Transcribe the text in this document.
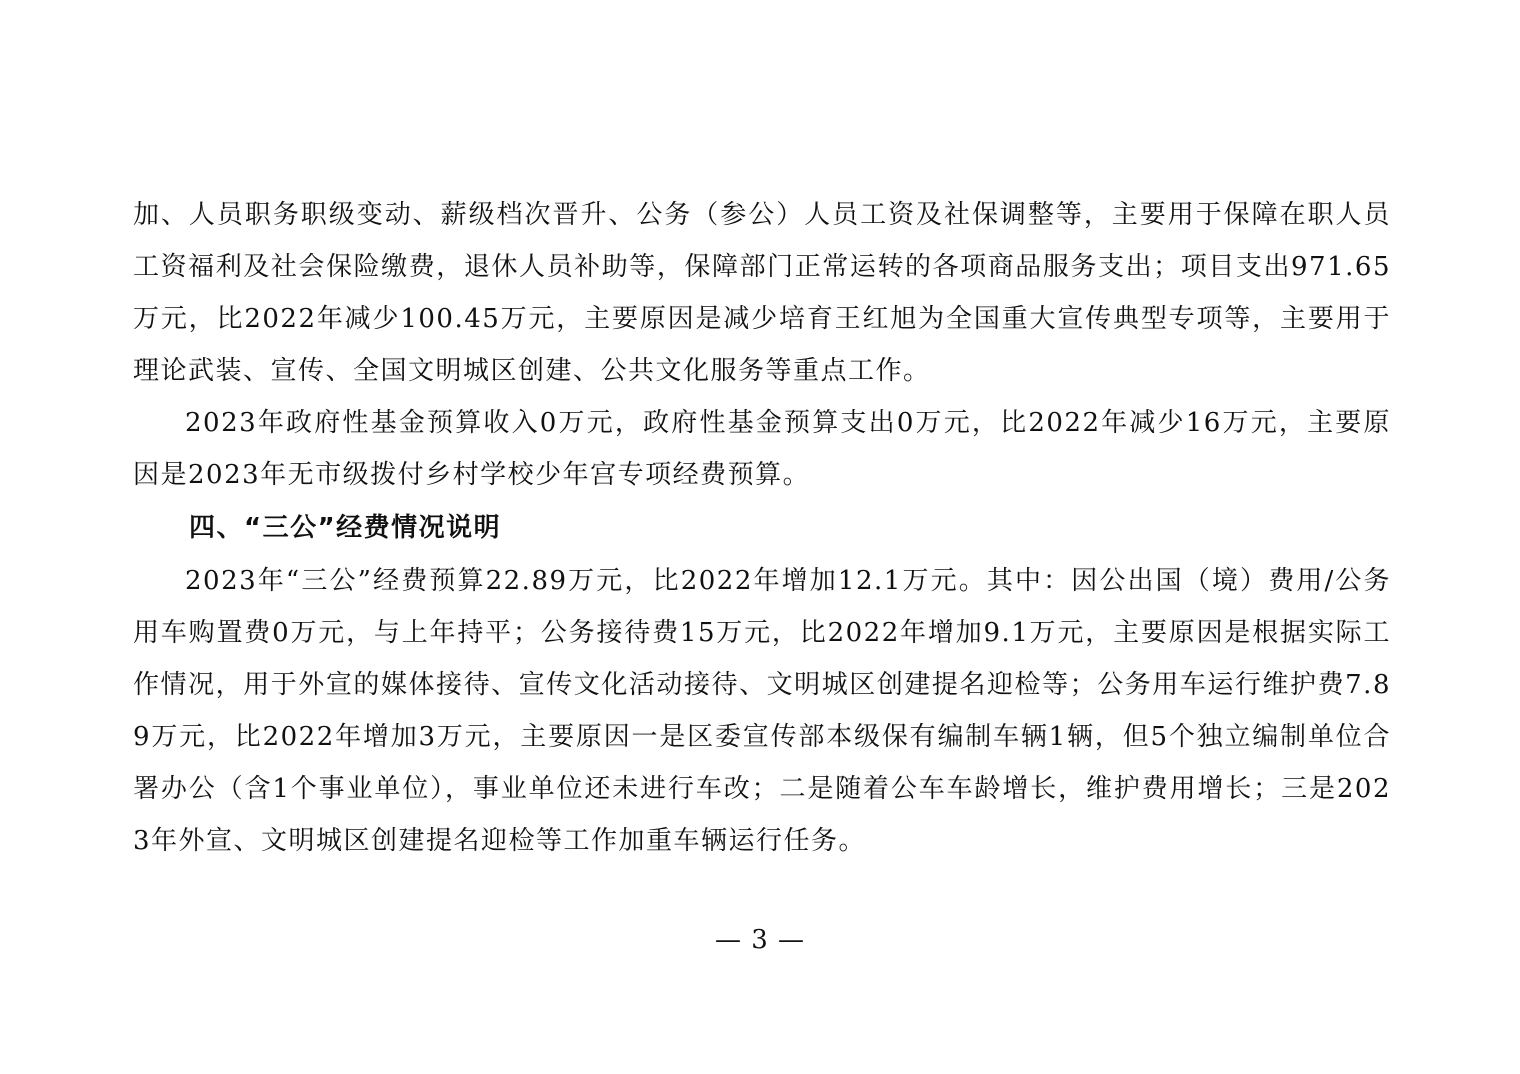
加、人员职务职级变动、薪级档次晋升、公务（参公）人员工资及社保调整等，主要用于保障在职人员工资福利及社会保险缴费，退休人员补助等，保障部门正常运转的各项商品服务支出；项目支出971.65万元，比2022年减少100.45万元，主要原因是减少培育王红旭为全国重大宣传典型专项等，主要用于理论武装、宣传、全国文明城区创建、公共文化服务等重点工作。

2023年政府性基金预算收入0万元，政府性基金预算支出0万元，比2022年减少16万元，主要原因是2023年无市级拨付乡村学校少年宫专项经费预算。

四、“三公”经费情况说明

2023年“三公”经费预算22.89万元，比2022年增加12.1万元。其中：因公出国（境）费用/公务用车购置费0万元，与上年持平；公务接待费15万元，比2022年增加9.1万元，主要原因是根据实际工作情况，用于外宣的媒体接待、宣传文化活动接待、文明城区创建提名迎检等；公务用车运行维护费7.89万元，比2022年增加3万元，主要原因一是区委宣传部本级保有编制车辆1辆，但5个独立编制单位合署办公（含1个事业单位），事业单位还未进行车改；二是随着公车车龄增长，维护费用增长；三是2023年外宣、文明城区创建提名迎检等工作加重车辆运行任务。

— 3 —
